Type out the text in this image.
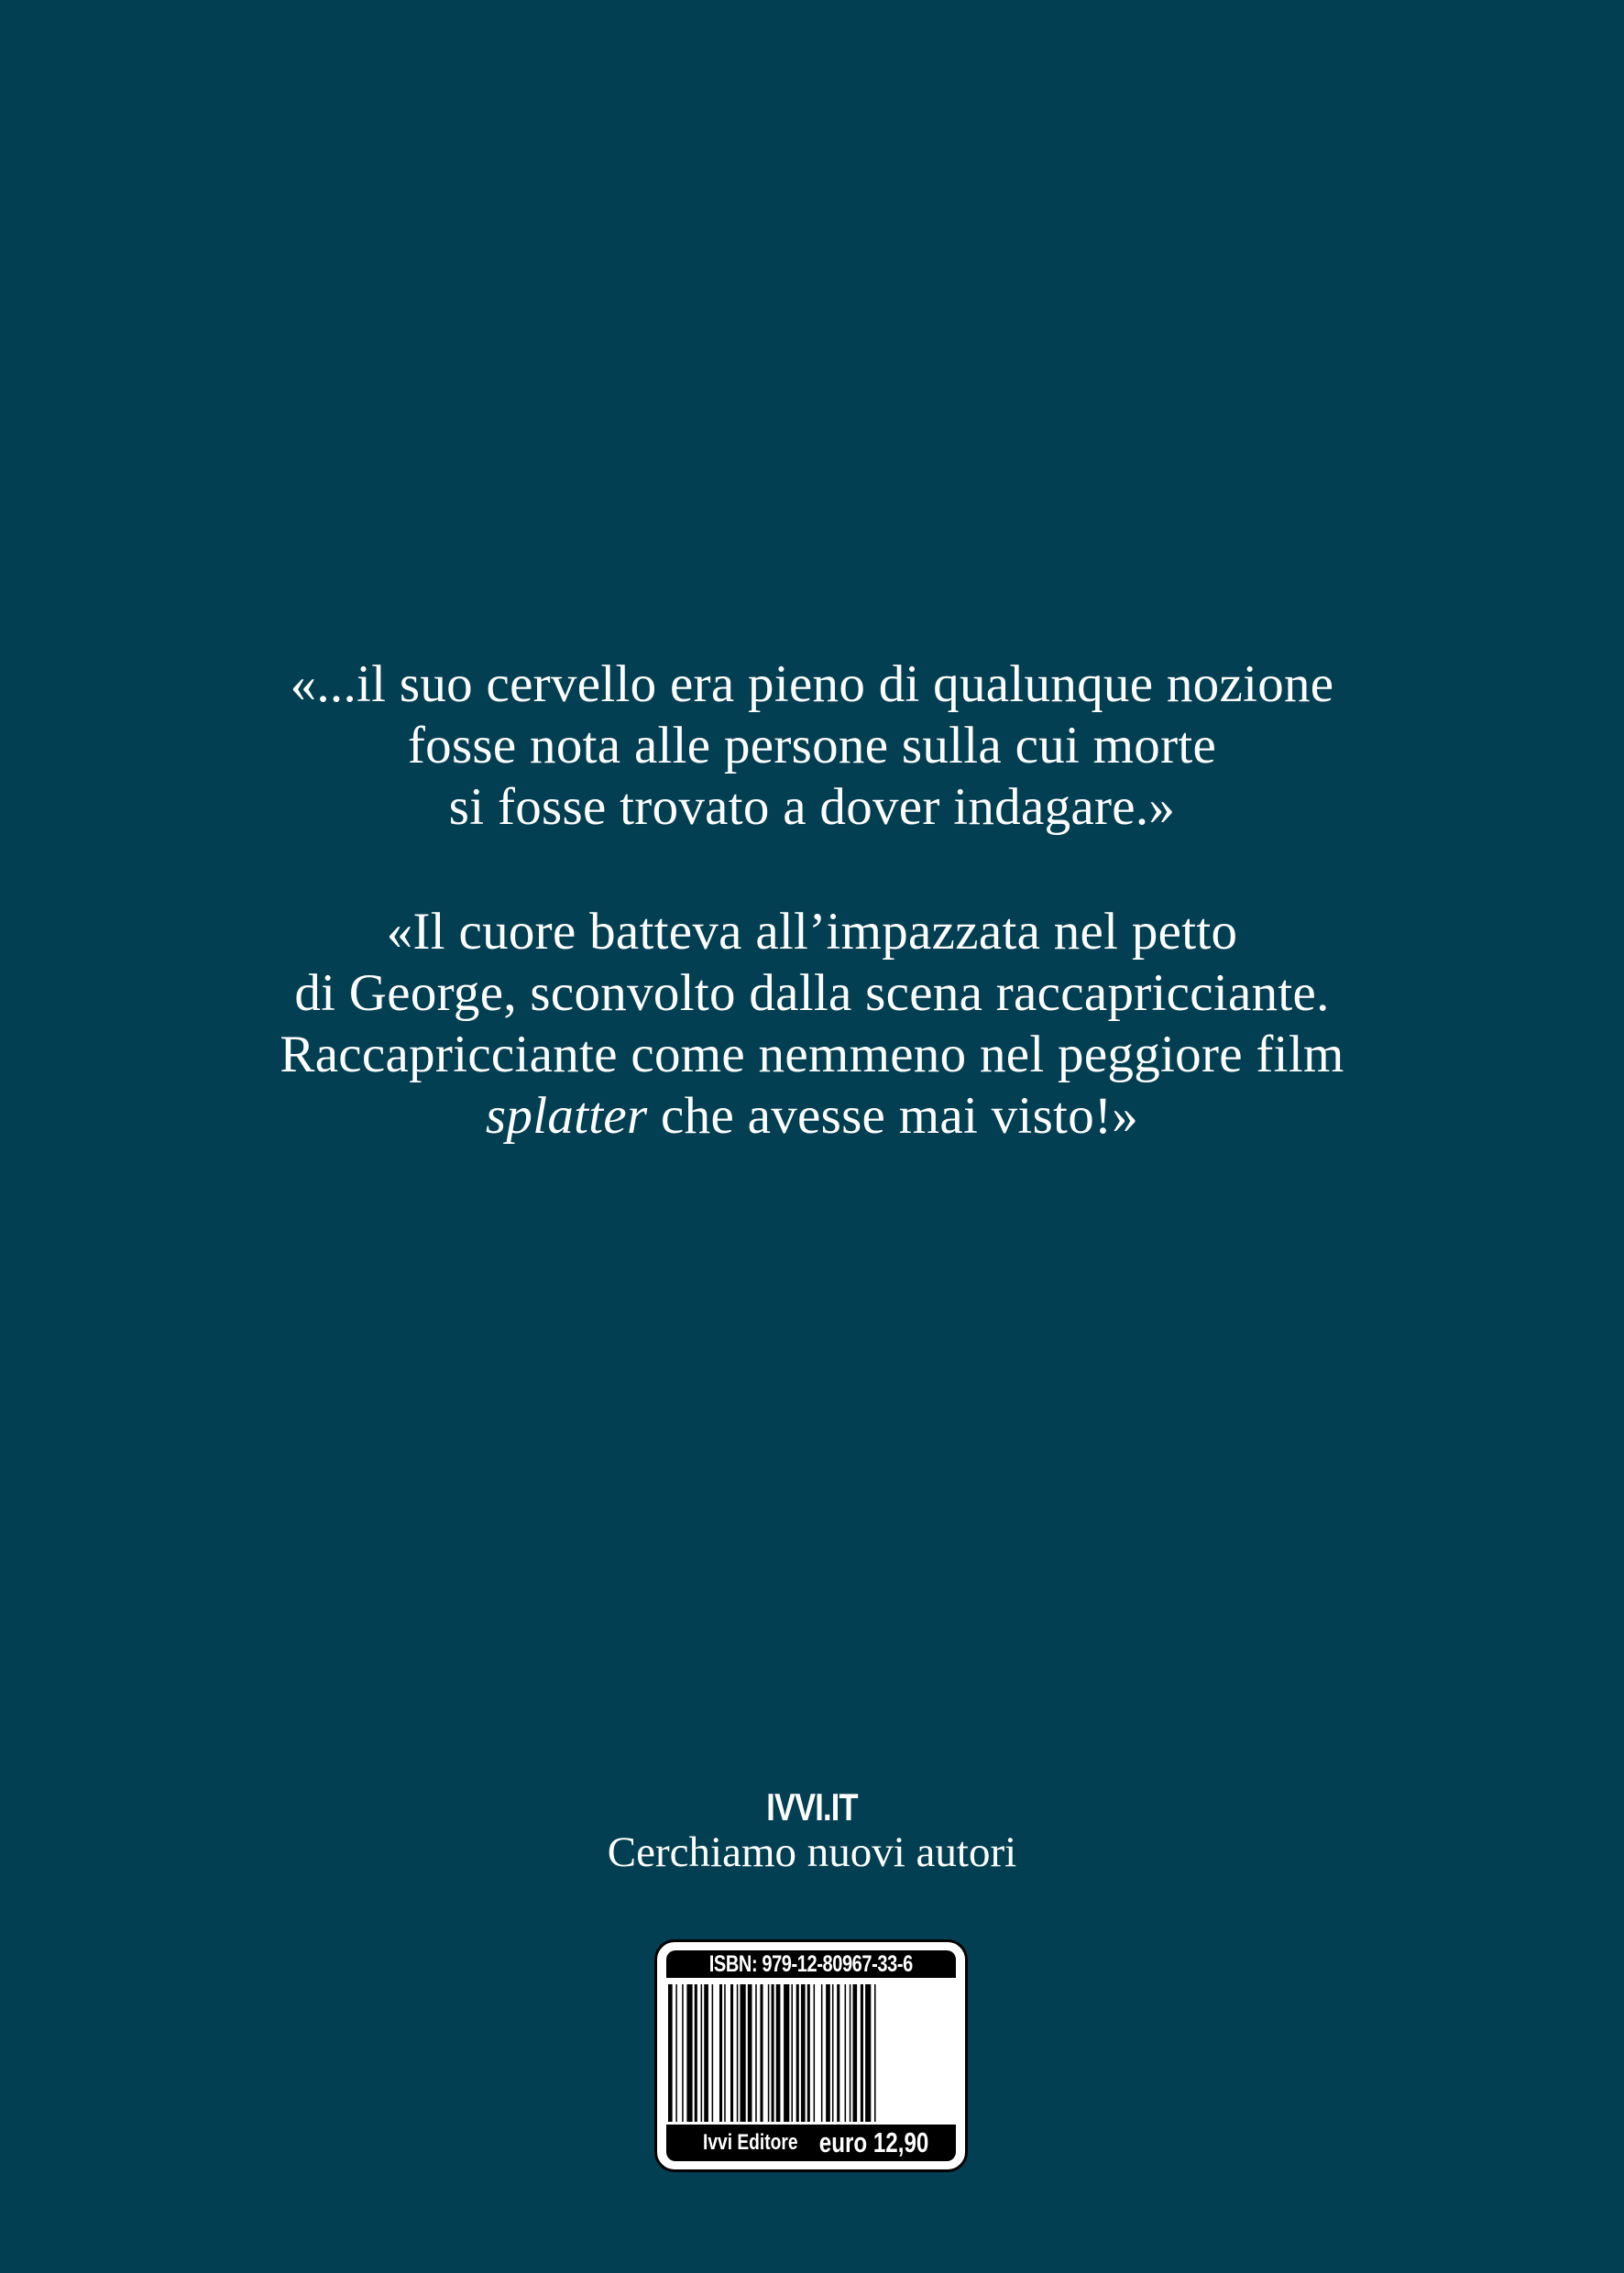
«...il suo cervello era pieno di qualunque nozione
fosse nota alle persone sulla cui morte
si fosse trovato a dover indagare.»
«Il cuore batteva all’impazzata nel petto
di George, sconvolto dalla scena raccapricciante.
Raccapricciante come nemmeno nel peggiore film
splatter che avesse mai visto!»
IVVI.IT
Cerchiamo nuovi autori
ISBN: 979-12-80967-33-6
Ivvi Editore euro 12,90
